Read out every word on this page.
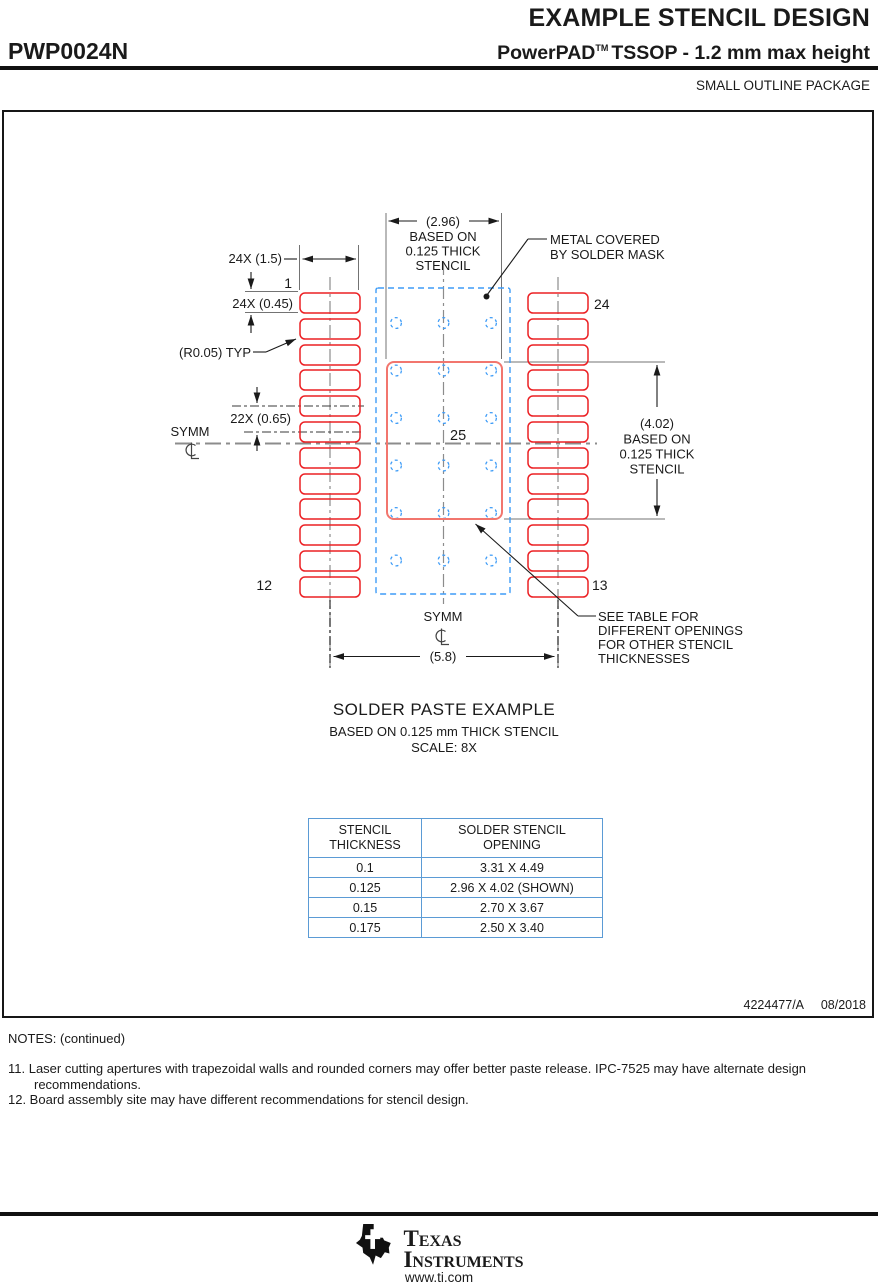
EXAMPLE STENCIL DESIGN
PWP0024N	PowerPAD™ TSSOP - 1.2 mm max height
SMALL OUTLINE PACKAGE
(2.96)
BASED ON
0.125 THICK
STENCIL
METAL COVERED
BY SOLDER MASK
24X (1.5)
1
24X (0.45)
(R0.05) TYP
22X (0.65)
SYMM
24
12	13
25
(4.02)
BASED ON
0.125 THICK
STENCIL
SYMM
(5.8)
SEE TABLE FOR
DIFFERENT OPENINGS
FOR OTHER STENCIL
THICKNESSES
SOLDER PASTE EXAMPLE
BASED ON 0.125 mm THICK STENCIL
SCALE: 8X
STENCIL
THICKNESS

SOLDER STENCIL
OPENING

0.1	3.31 X 4.49
0.125	2.96 X 4.02 (SHOWN)
0.15	2.70 X 3.67
0.175	2.50 X 3.40
4224477/A 08/2018
NOTES: (continued)
11. Laser cutting apertures with trapezoidal walls and rounded corners may offer better paste release. IPC-7525 may have alternate design recommendations.
12. Board assembly site may have different recommendations for stencil design.
Texas
Instruments
www.ti.com
